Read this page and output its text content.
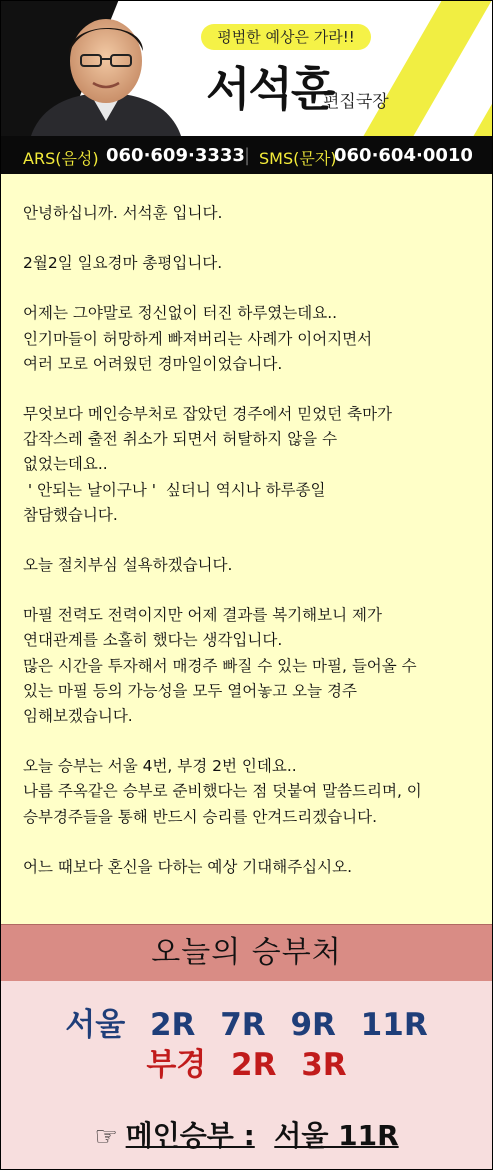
평범한 예상은 가라!!
서석훈
편집국장
ARS(음성) 060·609·3333 | SMS(문자)
060·604·0010

안녕하십니까. 서석훈 입니다.

2월2일 일요경마 총평입니다.

어제는 그야말로 정신없이 터진 하루였는데요..

인기마들이 허망하게 빠져버리는 사례가 이어지면서

여러 모로 어려웠던 경마일이었습니다.

무엇보다 메인승부처로 잡았던 경주에서 믿었던 축마가

갑작스레 출전 취소가 되면서 허탈하지 않을 수

없었는데요..

' 안되는 날이구나 '  싶더니 역시나 하루종일

참담했습니다.

오늘 절치부심 설욕하겠습니다.

마필 전력도 전력이지만 어제 결과를 복기해보니 제가

연대관계를 소홀히 했다는 생각입니다.

많은 시간을 투자해서 매경주 빠질 수 있는 마필, 들어올 수

있는 마필 등의 가능성을 모두 열어놓고 오늘 경주

임해보겠습니다.

오늘 승부는 서울 4번, 부경 2번 인데요..

나름 주옥같은 승부로 준비했다는 점 덧붙여 말씀드리며, 이

승부경주들을 통해 반드시 승리를 안겨드리겠습니다.

어느 때보다 혼신을 다하는 예상 기대해주십시오.

오늘의 승부처
서울 2R 7R 9R 11R
부경 2R 3R
☞ 메인승부 : 서울 11R
